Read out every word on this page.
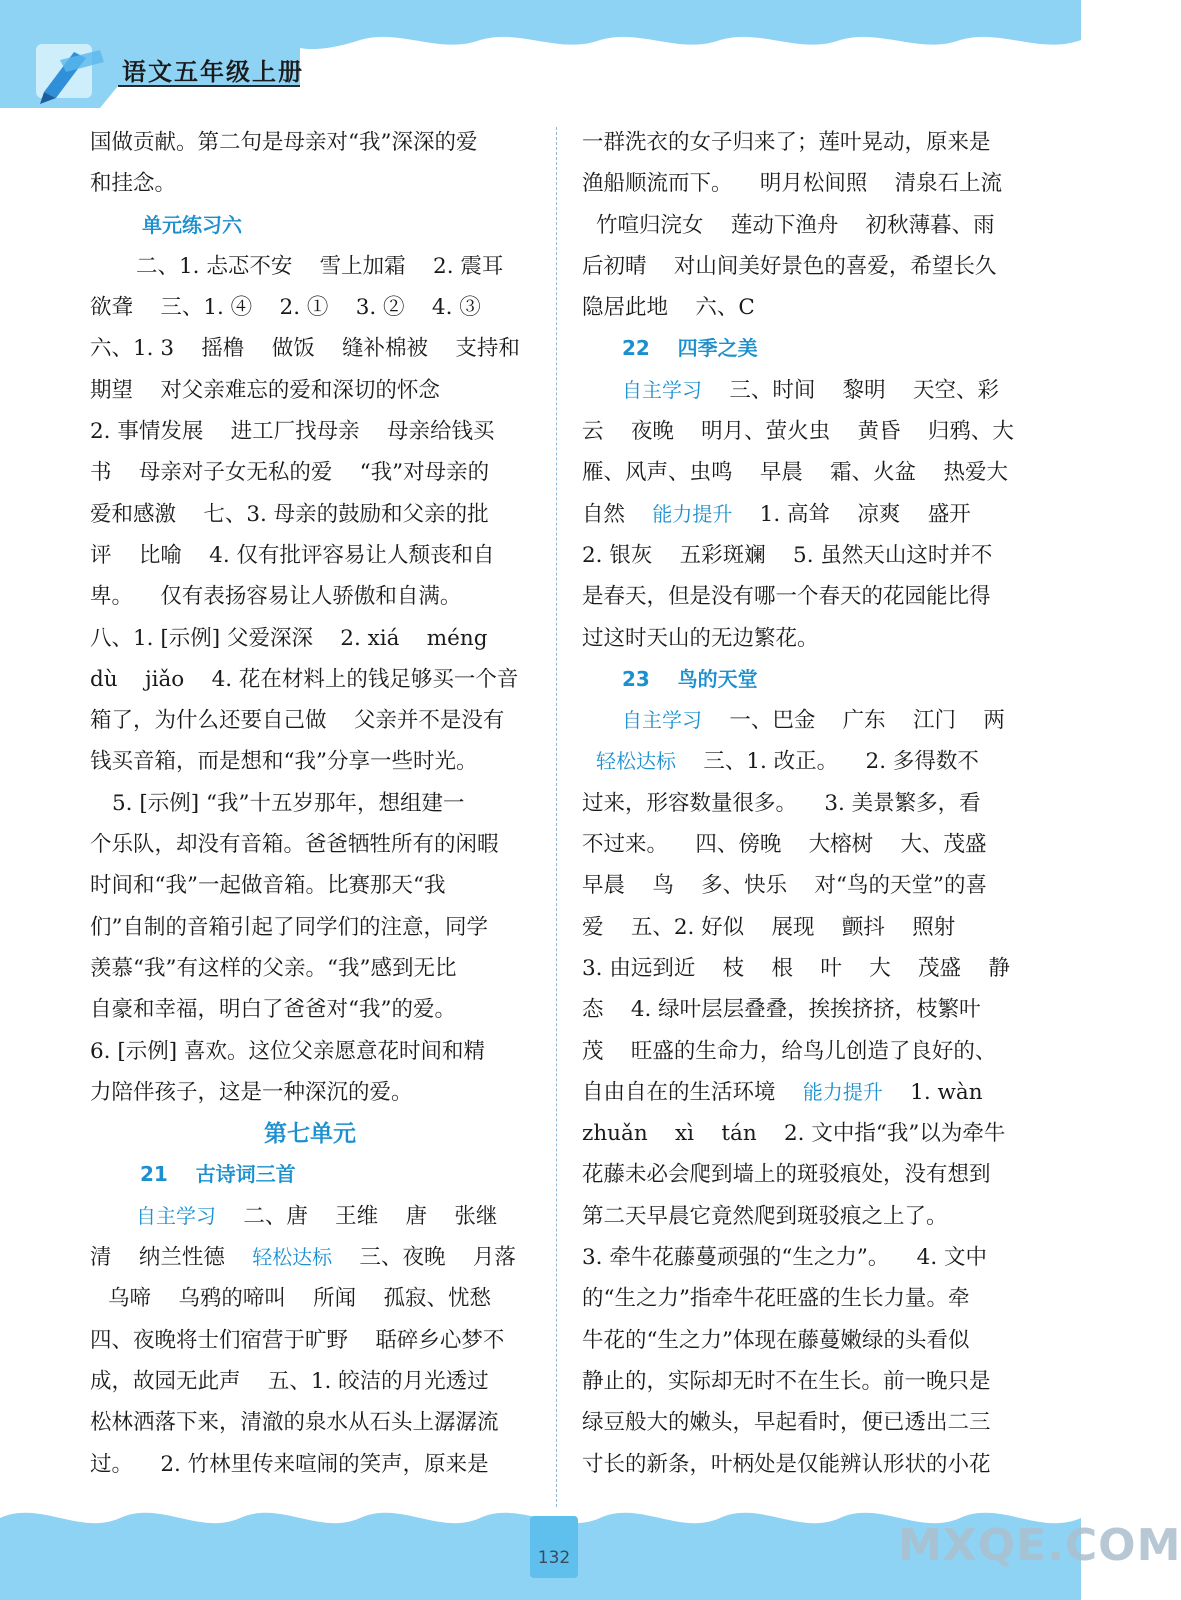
语文五年级上册
国做贡献。第二句是母亲对“我”深深的爱
和挂念。
单元练习六
二、1. 忐忑不安    雪上加霜    2. 震耳
欲聋    三、1. ④    2. ①    3. ②    4. ③
六、1. 3    摇橹    做饭    缝补棉被    支持和
期望    对父亲难忘的爱和深切的怀念
2. 事情发展    进工厂找母亲    母亲给钱买
书    母亲对子女无私的爱    “我”对母亲的
爱和感激    七、3. 母亲的鼓励和父亲的批
评    比喻    4. 仅有批评容易让人颓丧和自
卑。    仅有表扬容易让人骄傲和自满。
八、1. [示例] 父爱深深    2. xiá    méng
dù    jiǎo    4. 花在材料上的钱足够买一个音
箱了，为什么还要自己做    父亲并不是没有
钱买音箱，而是想和“我”分享一些时光。
5. [示例] “我”十五岁那年，想组建一
个乐队，却没有音箱。爸爸牺牲所有的闲暇
时间和“我”一起做音箱。比赛那天“我
们”自制的音箱引起了同学们的注意，同学
羡慕“我”有这样的父亲。“我”感到无比
自豪和幸福，明白了爸爸对“我”的爱。
6. [示例] 喜欢。这位父亲愿意花时间和精
力陪伴孩子，这是一种深沉的爱。
第七单元
21    古诗词三首
自主学习    二、唐    王维    唐    张继
清    纳兰性德    轻松达标    三、夜晚    月落
乌啼    乌鸦的啼叫    所闻    孤寂、忧愁
四、夜晚将士们宿营于旷野    聒碎乡心梦不
成，故园无此声    五、1. 皎洁的月光透过
松林洒落下来，清澈的泉水从石头上潺潺流
过。    2. 竹林里传来喧闹的笑声，原来是
一群洗衣的女子归来了；莲叶晃动，原来是
渔船顺流而下。    明月松间照    清泉石上流
竹喧归浣女    莲动下渔舟    初秋薄暮、雨
后初晴    对山间美好景色的喜爱，希望长久
隐居此地    六、C
22    四季之美
自主学习    三、时间    黎明    天空、彩
云    夜晚    明月、萤火虫    黄昏    归鸦、大
雁、风声、虫鸣    早晨    霜、火盆    热爱大
自然    能力提升    1. 高耸    凉爽    盛开
2. 银灰    五彩斑斓    5. 虽然天山这时并不
是春天，但是没有哪一个春天的花园能比得
过这时天山的无边繁花。
23    鸟的天堂
自主学习    一、巴金    广东    江门    两
轻松达标    三、1. 改正。    2. 多得数不
过来，形容数量很多。    3. 美景繁多，看
不过来。    四、傍晚    大榕树    大、茂盛
早晨    鸟    多、快乐    对“鸟的天堂”的喜
爱    五、2. 好似    展现    颤抖    照射
3. 由远到近    枝    根    叶    大    茂盛    静
态    4. 绿叶层层叠叠，挨挨挤挤，枝繁叶
茂    旺盛的生命力，给鸟儿创造了良好的、
自由自在的生活环境    能力提升    1. wàn
zhuǎn    xì    tán    2. 文中指“我”以为牵牛
花藤未必会爬到墙上的斑驳痕处，没有想到
第二天早晨它竟然爬到斑驳痕之上了。
3. 牵牛花藤蔓顽强的“生之力”。    4. 文中
的“生之力”指牵牛花旺盛的生长力量。牵
牛花的“生之力”体现在藤蔓嫩绿的头看似
静止的，实际却无时不在生长。前一晚只是
绿豆般大的嫩头，早起看时，便已透出二三
寸长的新条，叶柄处是仅能辨认形状的小花
132	MXQE.COM
